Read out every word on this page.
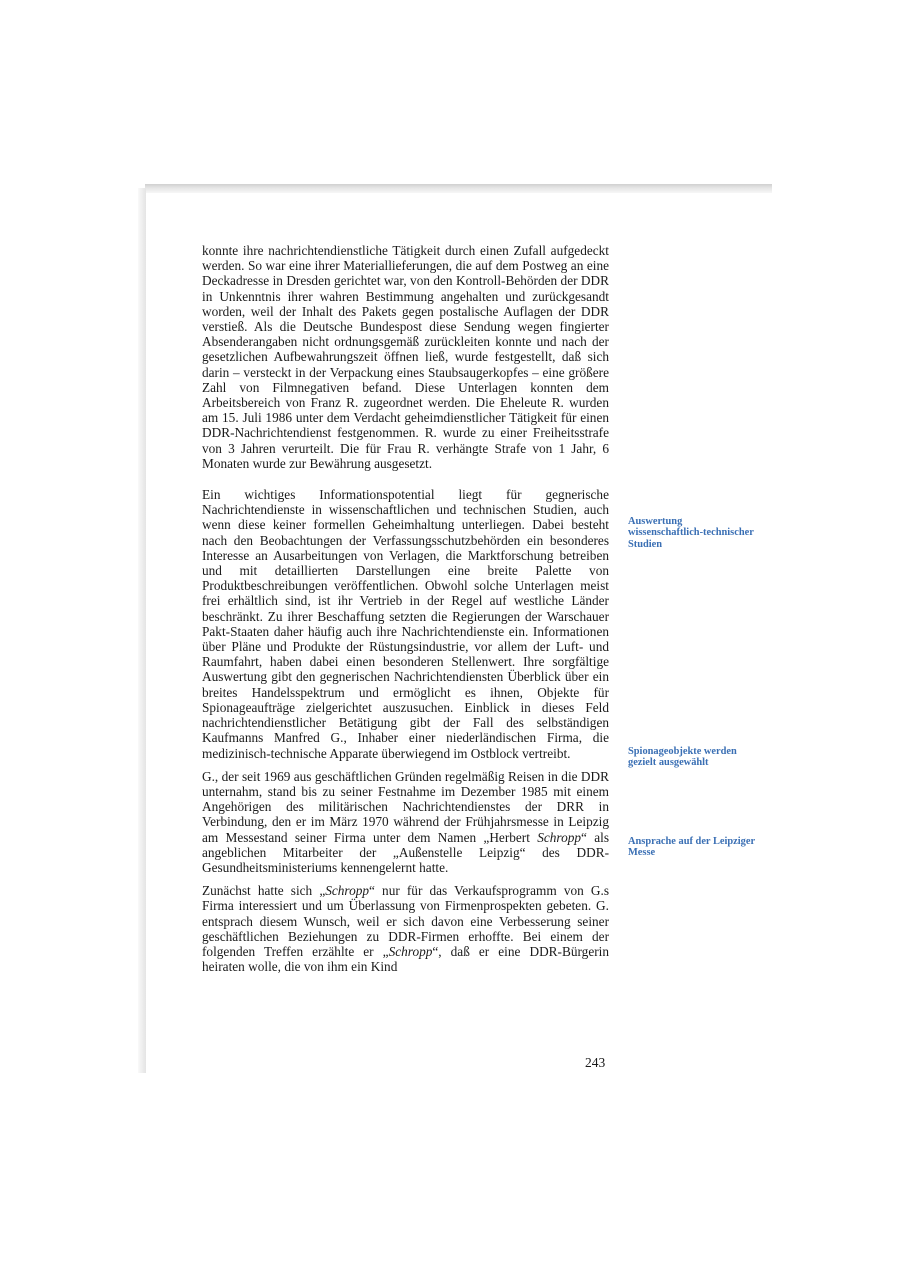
konnte ihre nachrichtendienstliche Tätigkeit durch einen Zufall aufgedeckt werden. So war eine ihrer Materiallieferungen, die auf dem Postweg an eine Deckadresse in Dresden gerichtet war, von den Kontroll-Behörden der DDR in Unkenntnis ihrer wahren Bestimmung angehalten und zurückgesandt worden, weil der Inhalt des Pakets gegen postalische Auflagen der DDR verstieß. Als die Deutsche Bundespost diese Sendung wegen fingierter Absenderangaben nicht ordnungsgemäß zurückleiten konnte und nach der gesetzlichen Aufbewahrungszeit öffnen ließ, wurde festgestellt, daß sich darin – versteckt in der Verpackung eines Staubsaugerkopfes – eine größere Zahl von Filmnegativen befand. Diese Unterlagen konnten dem Arbeitsbereich von Franz R. zugeordnet werden. Die Eheleute R. wurden am 15. Juli 1986 unter dem Verdacht geheimdienstlicher Tätigkeit für einen DDR-Nachrichtendienst festgenommen. R. wurde zu einer Freiheitsstrafe von 3 Jahren verurteilt. Die für Frau R. verhängte Strafe von 1 Jahr, 6 Monaten wurde zur Bewährung ausgesetzt.

Ein wichtiges Informationspotential liegt für gegnerische Nachrichtendienste in wissenschaftlichen und technischen Studien, auch wenn diese keiner formellen Geheimhaltung unterliegen. Dabei besteht nach den Beobachtungen der Verfassungsschutzbehörden ein besonderes Interesse an Ausarbeitungen von Verlagen, die Marktforschung betreiben und mit detaillierten Darstellungen eine breite Palette von Produktbeschreibungen veröffentlichen. Obwohl solche Unterlagen meist frei erhältlich sind, ist ihr Vertrieb in der Regel auf westliche Länder beschränkt. Zu ihrer Beschaffung setzten die Regierungen der Warschauer Pakt-Staaten daher häufig auch ihre Nachrichtendienste ein. Informationen über Pläne und Produkte der Rüstungsindustrie, vor allem der Luft- und Raumfahrt, haben dabei einen besonderen Stellenwert. Ihre sorgfältige Auswertung gibt den gegnerischen Nachrichtendiensten Überblick über ein breites Handelsspektrum und ermöglicht es ihnen, Objekte für Spionageaufträge zielgerichtet auszusuchen. Einblick in dieses Feld nachrichtendienstlicher Betätigung gibt der Fall des selbständigen Kaufmanns Manfred G., Inhaber einer niederländischen Firma, die medizinisch-technische Apparate überwiegend im Ostblock vertreibt.

G., der seit 1969 aus geschäftlichen Gründen regelmäßig Reisen in die DDR unternahm, stand bis zu seiner Festnahme im Dezember 1985 mit einem Angehörigen des militärischen Nachrichtendienstes der DRR in Verbindung, den er im März 1970 während der Frühjahrsmesse in Leipzig am Messestand seiner Firma unter dem Namen „Herbert Schropp“ als angeblichen Mitarbeiter der „Außenstelle Leipzig“ des DDR-Gesundheitsministeriums kennengelernt hatte.

Zunächst hatte sich „Schropp“ nur für das Verkaufsprogramm von G.s Firma interessiert und um Überlassung von Firmenprospekten gebeten. G. entsprach diesem Wunsch, weil er sich davon eine Verbesserung seiner geschäftlichen Beziehungen zu DDR-Firmen erhoffte. Bei einem der folgenden Treffen erzählte er „Schropp“, daß er eine DDR-Bürgerin heiraten wolle, die von ihm ein Kind

Auswertung wissenschaftlich-technischer Studien
Spionageobjekte werden gezielt ausgewählt
Ansprache auf der Leipziger Messe
243
